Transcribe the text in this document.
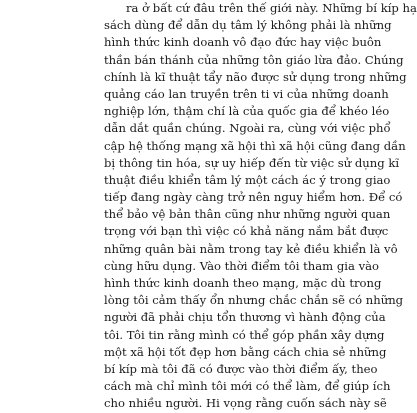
ra ở bất cứ đâu trên thế giới này. Những bí kíp hạ
sách dùng để dẫn dụ tâm lý không phải là những
hình thức kinh doanh vô đạo đức hay việc buôn
thần bán thánh của những tôn giáo lừa đảo. Chúng
chính là kĩ thuật tẩy não được sử dụng trong những
quảng cáo lan truyền trên ti vi của những doanh
nghiệp lớn, thậm chí là của quốc gia để khéo léo
dẫn dắt quần chúng. Ngoài ra, cùng với việc phổ
cập hệ thống mạng xã hội thì xã hội cũng đang dần
bị thông tin hóa, sự uy hiếp đến từ việc sử dụng kĩ
thuật điều khiển tâm lý một cách ác ý trong giao
tiếp đang ngày càng trở nên nguy hiểm hơn. Để có
thể bảo vệ bản thân cũng như những người quan
trọng với bạn thì việc có khả năng nắm bắt được
những quân bài nằm trong tay kẻ điều khiển là vô
cùng hữu dụng. Vào thời điểm tôi tham gia vào
hình thức kinh doanh theo mạng, mặc dù trong
lòng tôi cảm thấy ổn nhưng chắc chắn sẽ có những
người đã phải chịu tổn thương vì hành động của
tôi. Tôi tin rằng mình có thể góp phần xây dựng
một xã hội tốt đẹp hơn bằng cách chia sẻ những
bí kíp mà tôi đã có được vào thời điểm ấy, theo
cách mà chỉ mình tôi mới có thể làm, để giúp ích
cho nhiều người. Hi vọng rằng cuốn sách này sẽ
